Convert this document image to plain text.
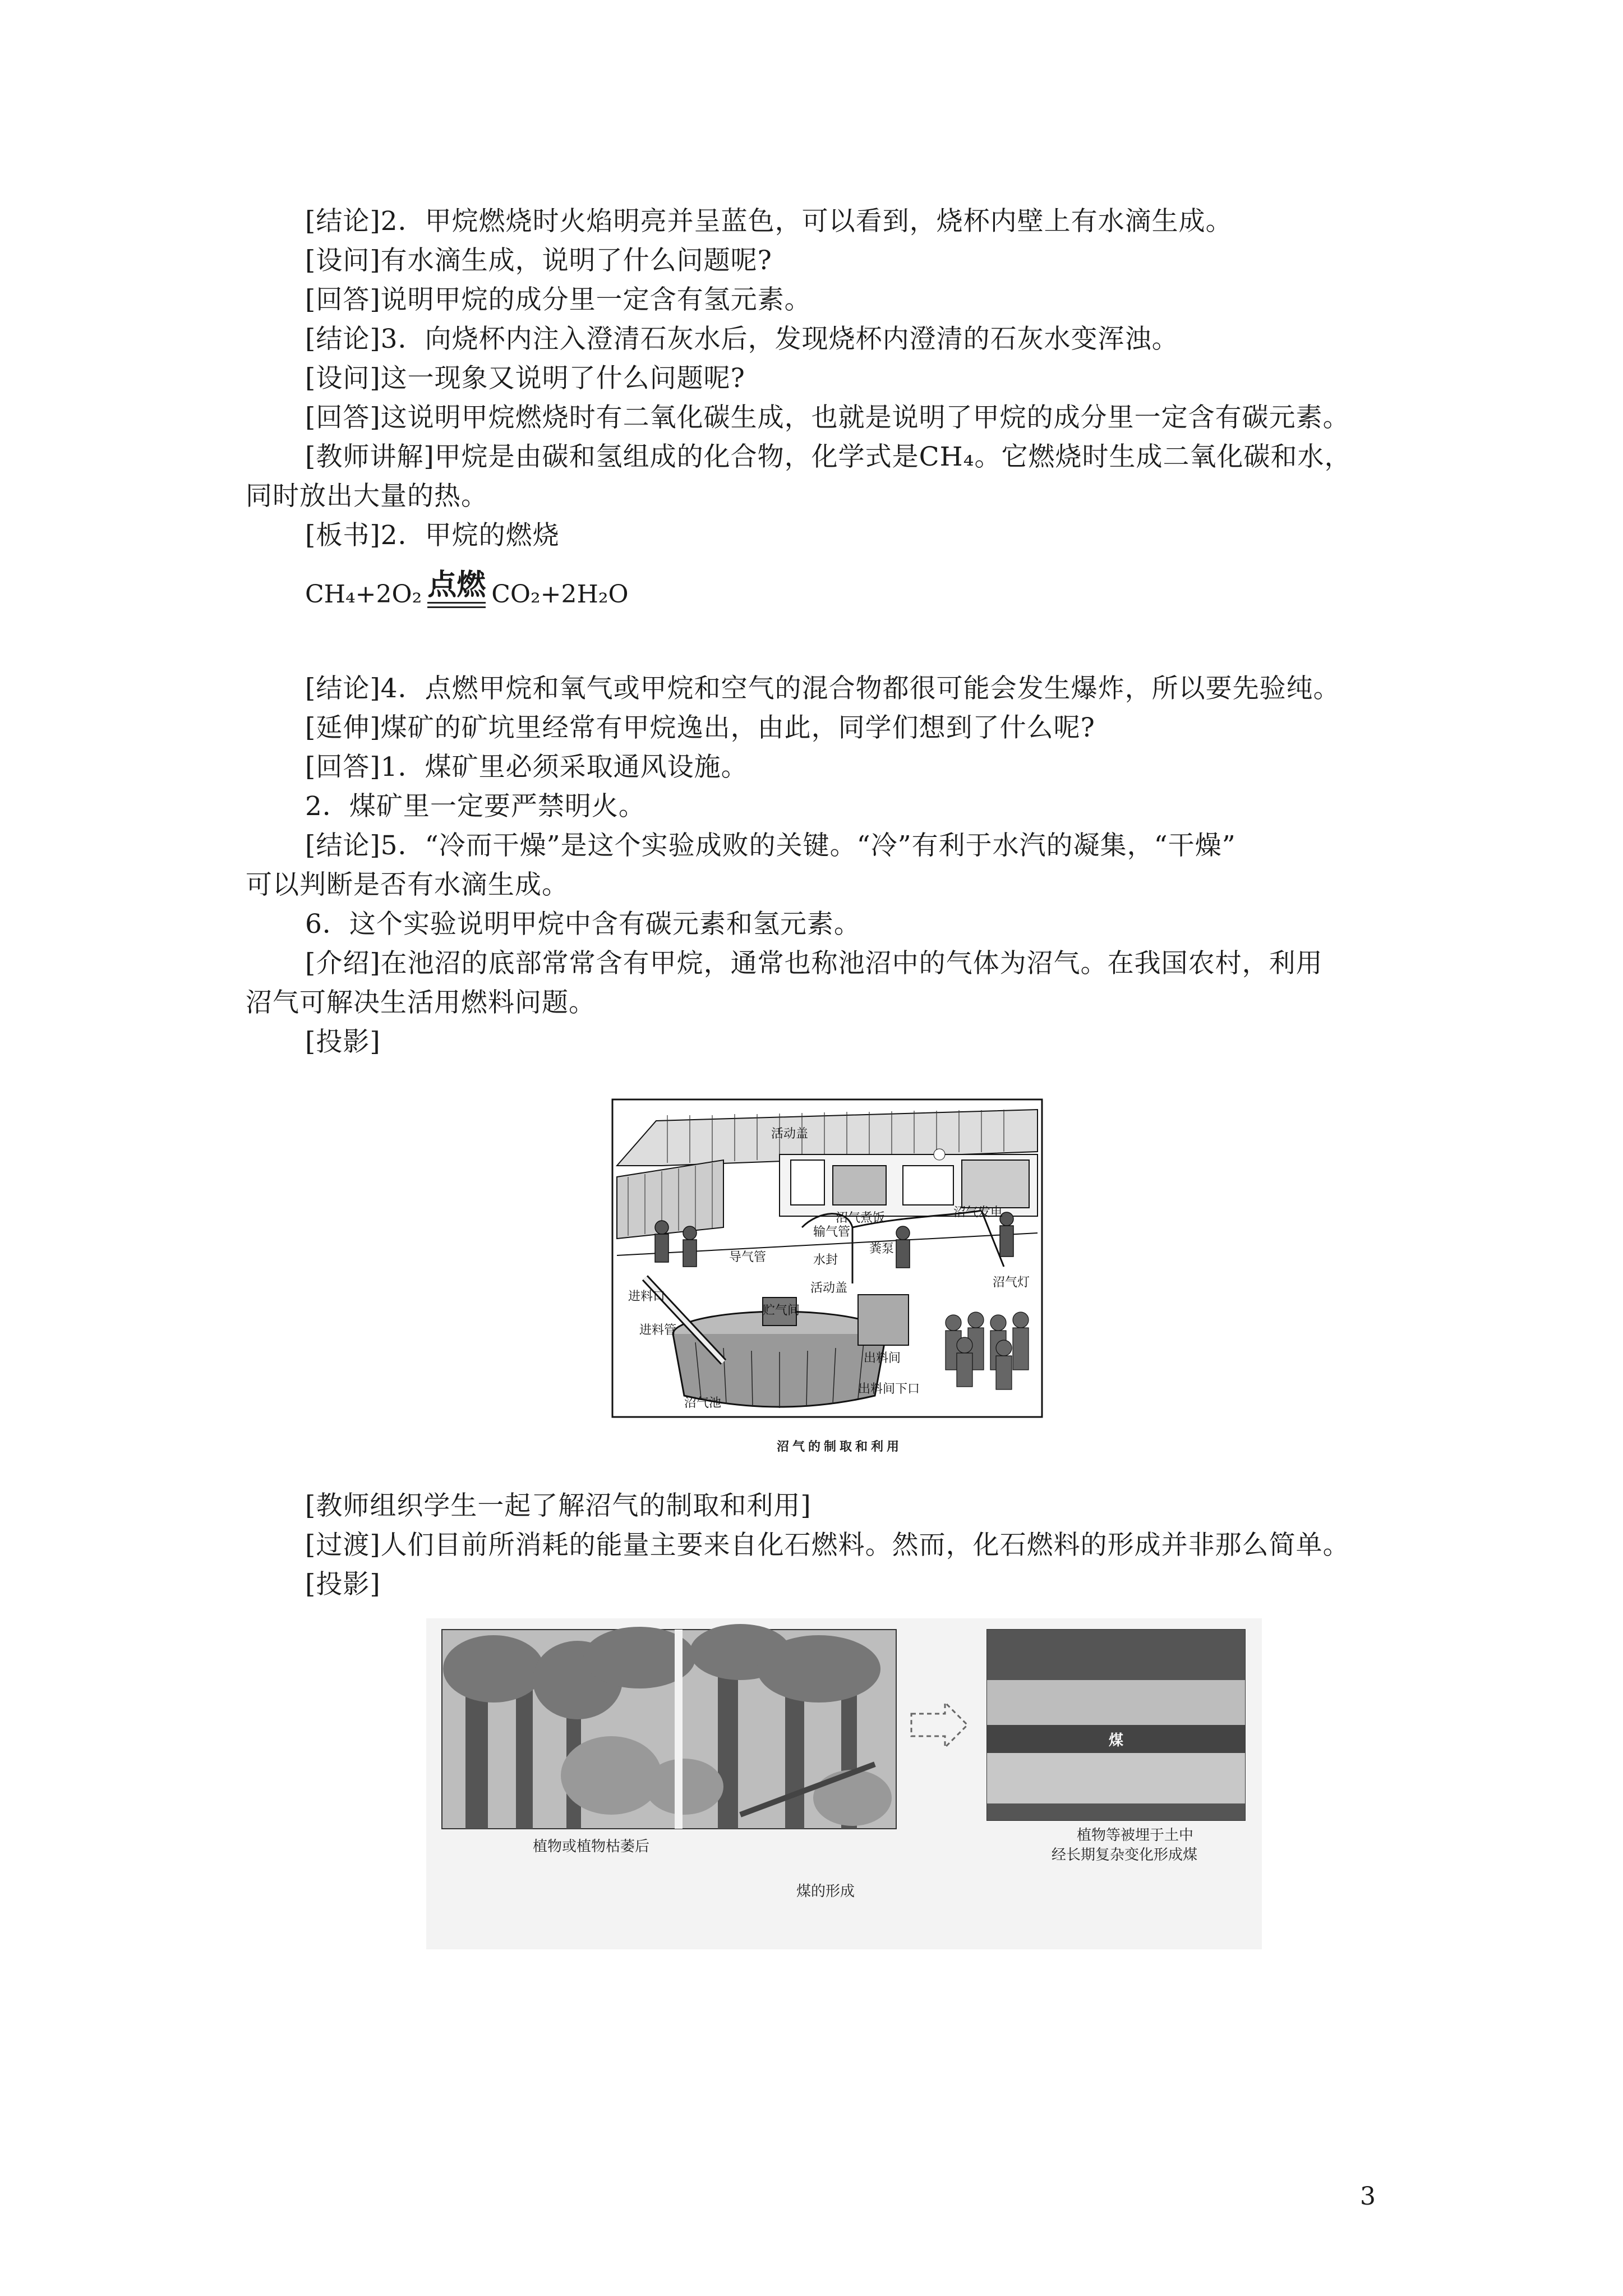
[结论]2．甲烷燃烧时火焰明亮并呈蓝色，可以看到，烧杯内壁上有水滴生成。
[设问]有水滴生成，说明了什么问题呢?
[回答]说明甲烷的成分里一定含有氢元素。
[结论]3．向烧杯内注入澄清石灰水后，发现烧杯内澄清的石灰水变浑浊。
[设问]这一现象又说明了什么问题呢?
[回答]这说明甲烷燃烧时有二氧化碳生成，也就是说明了甲烷的成分里一定含有碳元素。
[教师讲解]甲烷是由碳和氢组成的化合物，化学式是CH₄。它燃烧时生成二氧化碳和水，
同时放出大量的热。
[板书]2．甲烷的燃烧
CH₄+2O₂ 点燃 CO₂+2H₂O
[结论]4．点燃甲烷和氧气或甲烷和空气的混合物都很可能会发生爆炸，所以要先验纯。
[延伸]煤矿的矿坑里经常有甲烷逸出，由此，同学们想到了什么呢?
[回答]1．煤矿里必须采取通风设施。
2．煤矿里一定要严禁明火。
[结论]5．“冷而干燥”是这个实验成败的关键。“冷”有利于水汽的凝集，“干燥”
可以判断是否有水滴生成。
6．这个实验说明甲烷中含有碳元素和氢元素。
[介绍]在池沼的底部常常含有甲烷，通常也称池沼中的气体为沼气。在我国农村，利用
沼气可解决生活用燃料问题。
[投影]
活动盖
沼气煮饭	沼气发电
输气管
导气管	水封
粪泵
沼气灯
活动盖
进料口
贮气间
进料管
出料间
出料间下口
沼气池
沼气的制取和利用
[教师组织学生一起了解沼气的制取和利用]
[过渡]人们目前所消耗的能量主要来自化石燃料。然而，化石燃料的形成并非那么简单。
[投影]
煤
植物或植物枯萎后
植物等被埋于土中
经长期复杂变化形成煤
煤的形成
3
